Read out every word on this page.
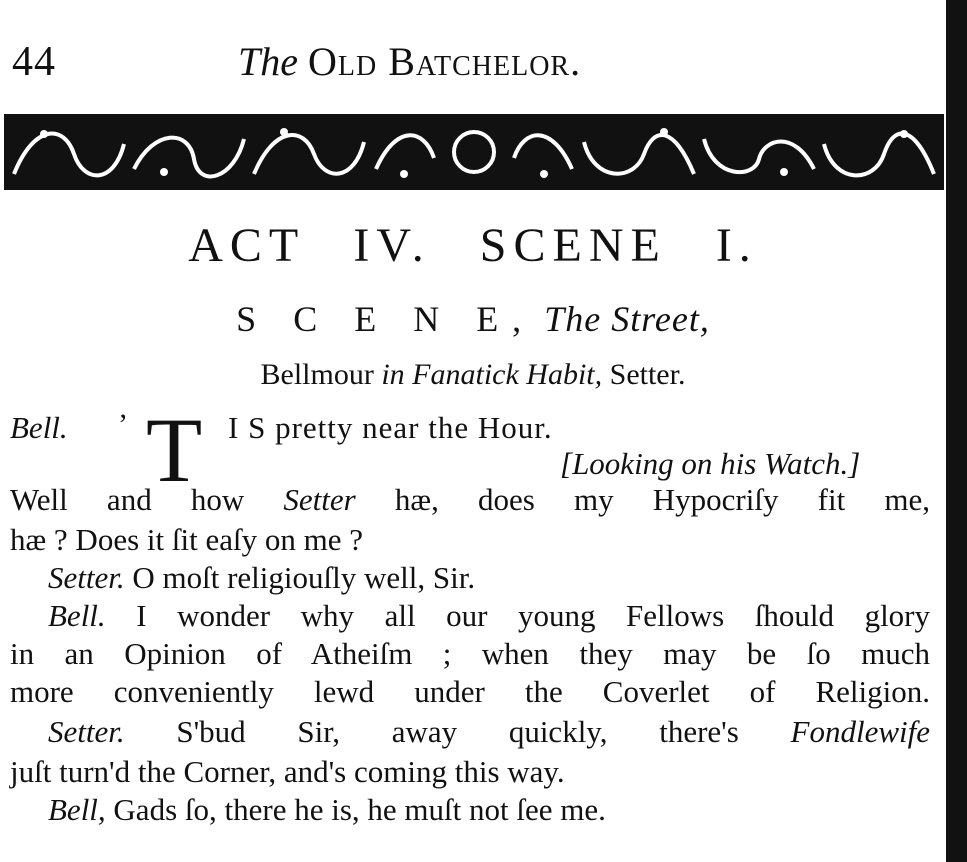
44	The Old Batchelor.
ACT IV. SCENE I.
S C E N E, The Street,
Bellmour in Fanatick Habit, Setter.
Bell. ’ T I S pretty near the Hour.
[Looking on his Watch.]
Well and how Setter hæ, does my Hypocriſy fit me,
hæ ? Does it ſit eaſy on me ?
Setter. O moſt religiouſly well, Sir.
Bell. I wonder why all our young Fellows ſhould glory
in an Opinion of Atheiſm ; when they may be ſo much
more conveniently lewd under the Coverlet of Religion.
Setter. S'bud Sir, away quickly, there's Fondlewife
juſt turn'd the Corner, and's coming this way.
Bell, Gads ſo, there he is, he muſt not ſee me.
